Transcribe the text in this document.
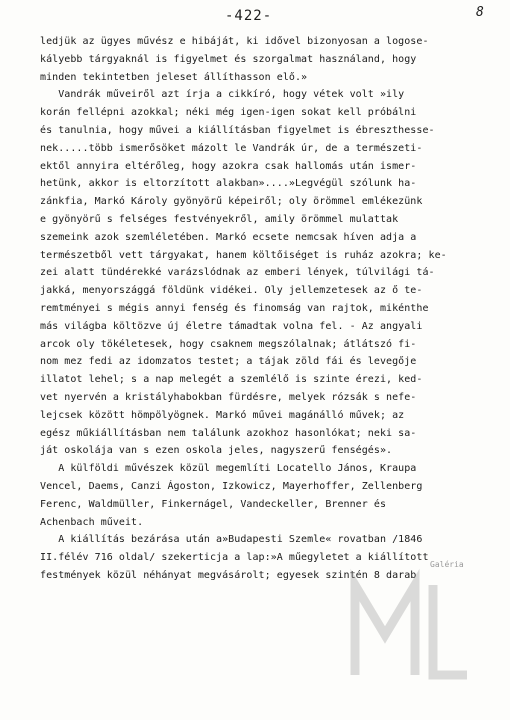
-422-	8
ledjük az ügyes művész e hibáját, ki idővel bizonyosan a logose-
kályebb tárgyaknál is figyelmet és szorgalmat használand, hogy
minden tekintetben jeleset állíthasson elő.»
Vandrák műveiről azt írja a cikkíró, hogy vétek volt »ily
korán fellépni azokkal; néki még igen-igen sokat kell próbálni
és tanulnia, hogy művei a kiállításban figyelmet is ébreszthesse-
nek.....több ismerősöket mázolt le Vandrák úr, de a természeti-
ektől annyira eltérőleg, hogy azokra csak hallomás után ismer-
hetünk, akkor is eltorzított alakban»....»Legvégül szólunk ha-
zánkfia, Markó Károly gyönyörű képeiről; oly örömmel emlékezünk
e gyönyörű s felséges festvényekről, amily örömmel mulattak
szemeink azok szemléletében. Markó ecsete nemcsak híven adja a
természetből vett tárgyakat, hanem költőiséget is ruház azokra; ke-
zei alatt tündérekké varázslódnak az emberi lények, túlvilági tá-
jakká, menyországgá földünk vidékei. Oly jellemzetesek az ő te-
remtményei s mégis annyi fenség és finomság van rajtok, mikénthe
más világba költözve új életre támadtak volna fel. - Az angyali
arcok oly tökéletesek, hogy csaknem megszólalnak; átlátszó fi-
nom mez fedi az idomzatos testet; a tájak zöld fái és levegője
illatot lehel; s a nap melegét a szemlélő is szinte érezi, ked-
vet nyervén a kristályhabokban fürdésre, melyek rózsák s nefe-
lejcsek között hömpölyögnek. Markó művei magánálló művek; az
egész műkiállításban nem találunk azokhoz hasonlókat; neki sa-
ját oskolája van s ezen oskola jeles, nagyszerű fenségés».
A külföldi művészek közül megemlíti Locatello János, Kraupa
Vencel, Daems, Canzi Ágoston, Izkowicz, Mayerhoffer, Zellenberg
Ferenc, Waldmüller, Finkernágel, Vandeckeller, Brenner és
Achenbach műveit.
A kiállítás bezárása után a»Budapesti Szemle« rovatban /1846
II.félév 716 oldal/ szekerticja a lap:»A műegyletet a kiállított
festmények közül néhányat megvásárolt; egyesek szintén 8 darab
Galéria
